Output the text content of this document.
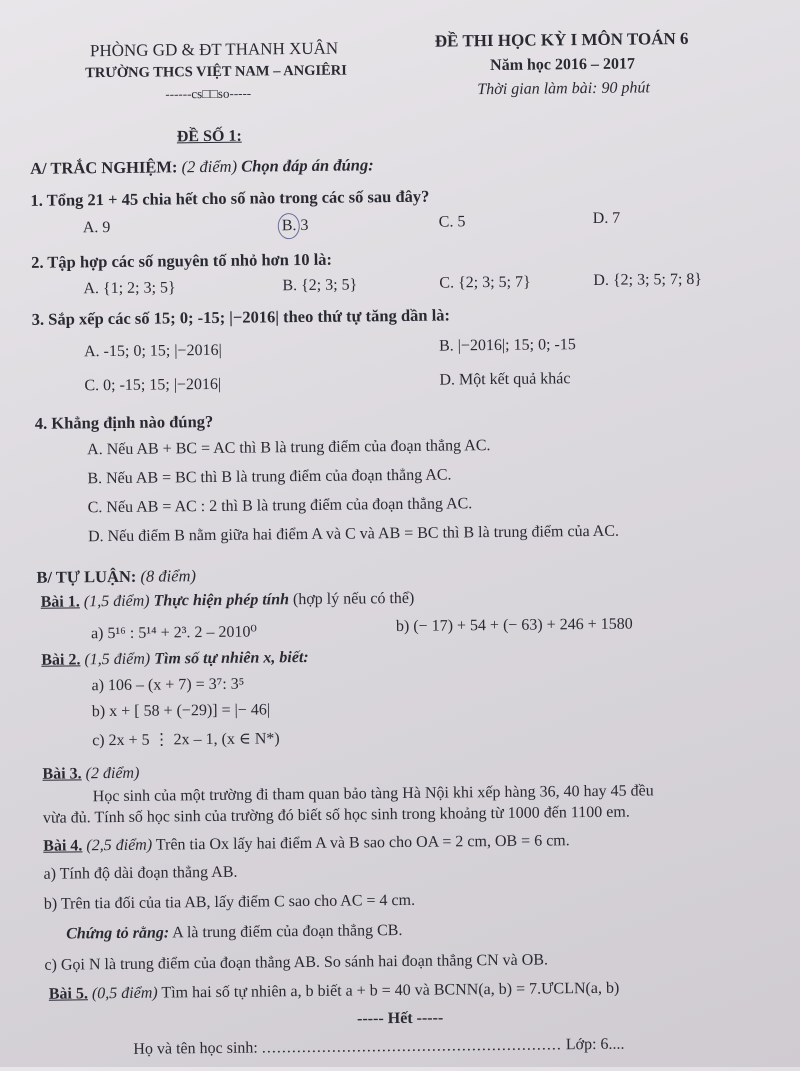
PHÒNG GD & ĐT THANH XUÂN
TRƯỜNG THCS VIỆT NAM – ANGIÊRI
------cs□□so-----
ĐỀ THI HỌC KỲ I MÔN TOÁN 6
Năm học 2016 – 2017
Thời gian làm bài: 90 phút
ĐỀ SỐ 1:
A/ TRẮC NGHIỆM: (2 điểm) Chọn đáp án đúng:
1. Tổng 21 + 45 chia hết cho số nào trong các số sau đây?
A. 9	B. 3	C. 5	D. 7
2. Tập hợp các số nguyên tố nhỏ hơn 10 là:
A. {1; 2; 3; 5}	B. {2; 3; 5}	C. {2; 3; 5; 7}	D. {2; 3; 5; 7; 8}
3. Sắp xếp các số 15; 0; -15; |−2016| theo thứ tự tăng dần là:
A. -15; 0; 15; |−2016|	B. |−2016|; 15; 0; -15
C. 0; -15; 15; |−2016|	D. Một kết quả khác
4. Khẳng định nào đúng?
A. Nếu AB + BC = AC thì B là trung điểm của đoạn thẳng AC.
B. Nếu AB = BC thì B là trung điểm của đoạn thẳng AC.
C. Nếu AB = AC : 2 thì B là trung điểm của đoạn thẳng AC.
D. Nếu điểm B nằm giữa hai điểm A và C và AB = BC thì B là trung điểm của AC.
B/ TỰ LUẬN: (8 điểm)
Bài 1. (1,5 điểm) Thực hiện phép tính (hợp lý nếu có thể)
a) 5¹⁶ : 5¹⁴ + 2³. 2 – 2010⁰	b) (− 17) + 54 + (− 63) + 246 + 1580
Bài 2. (1,5 điểm) Tìm số tự nhiên x, biết:
a) 106 – (x + 7) = 3⁷: 3⁵
b) x + [ 58 + (−29)] = |− 46|
c) 2x + 5 ⋮ 2x – 1, (x ∈ N*)
Bài 3. (2 điểm)
Học sinh của một trường đi tham quan bảo tàng Hà Nội khi xếp hàng 36, 40 hay 45 đều
vừa đủ. Tính số học sinh của trường đó biết số học sinh trong khoảng từ 1000 đến 1100 em.
Bài 4. (2,5 điểm) Trên tia Ox lấy hai điểm A và B sao cho OA = 2 cm, OB = 6 cm.
a) Tính độ dài đoạn thẳng AB.
b) Trên tia đối của tia AB, lấy điểm C sao cho AC = 4 cm.
Chứng tỏ rằng: A là trung điểm của đoạn thẳng CB.
c) Gọi N là trung điểm của đoạn thẳng AB. So sánh hai đoạn thẳng CN và OB.
Bài 5. (0,5 điểm) Tìm hai số tự nhiên a, b biết a + b = 40 và BCNN(a, b) = 7.ƯCLN(a, b)
----- Hết -----
Họ và tên học sinh: ............................................................ Lớp: 6....
